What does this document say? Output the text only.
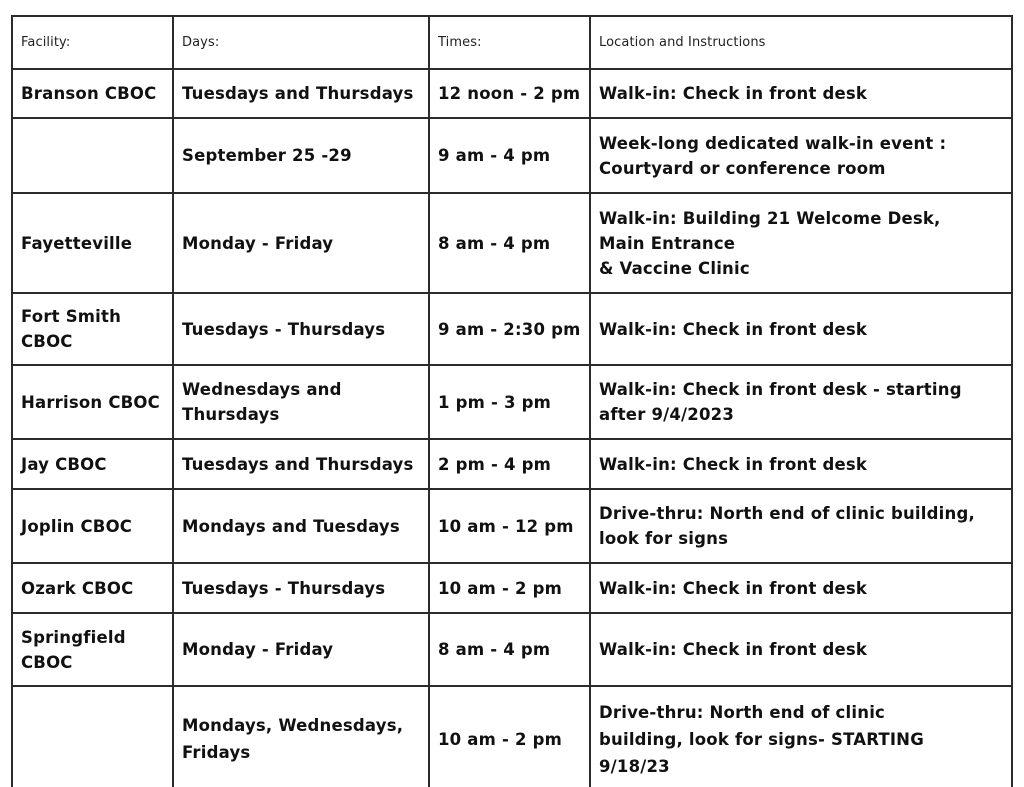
Facility:	Days:	Times:	Location and Instructions
Branson CBOC	Tuesdays and Thursdays	12 noon - 2 pm	Walk-in: Check in front desk
	September 25 -29	9 am - 4 pm	Week-long dedicated walk-in event :
Courtyard or conference room
Fayetteville	Monday - Friday	8 am - 4 pm	Walk-in: Building 21 Welcome Desk,
Main Entrance
& Vaccine Clinic
Fort Smith
CBOC	Tuesdays - Thursdays	9 am - 2:30 pm	Walk-in: Check in front desk
Harrison CBOC	Wednesdays and
Thursdays	1 pm - 3 pm	Walk-in: Check in front desk - starting
after 9/4/2023
Jay CBOC	Tuesdays and Thursdays	2 pm - 4 pm	Walk-in: Check in front desk
Joplin CBOC	Mondays and Tuesdays	10 am - 12 pm	Drive-thru: North end of clinic building,
look for signs
Ozark CBOC	Tuesdays - Thursdays	10 am - 2 pm	Walk-in: Check in front desk
Springfield
CBOC	Monday - Friday	8 am - 4 pm	Walk-in: Check in front desk
	Mondays, Wednesdays,
Fridays	10 am - 2 pm	Drive-thru: North end of clinic
building, look for signs- STARTING
9/18/23
